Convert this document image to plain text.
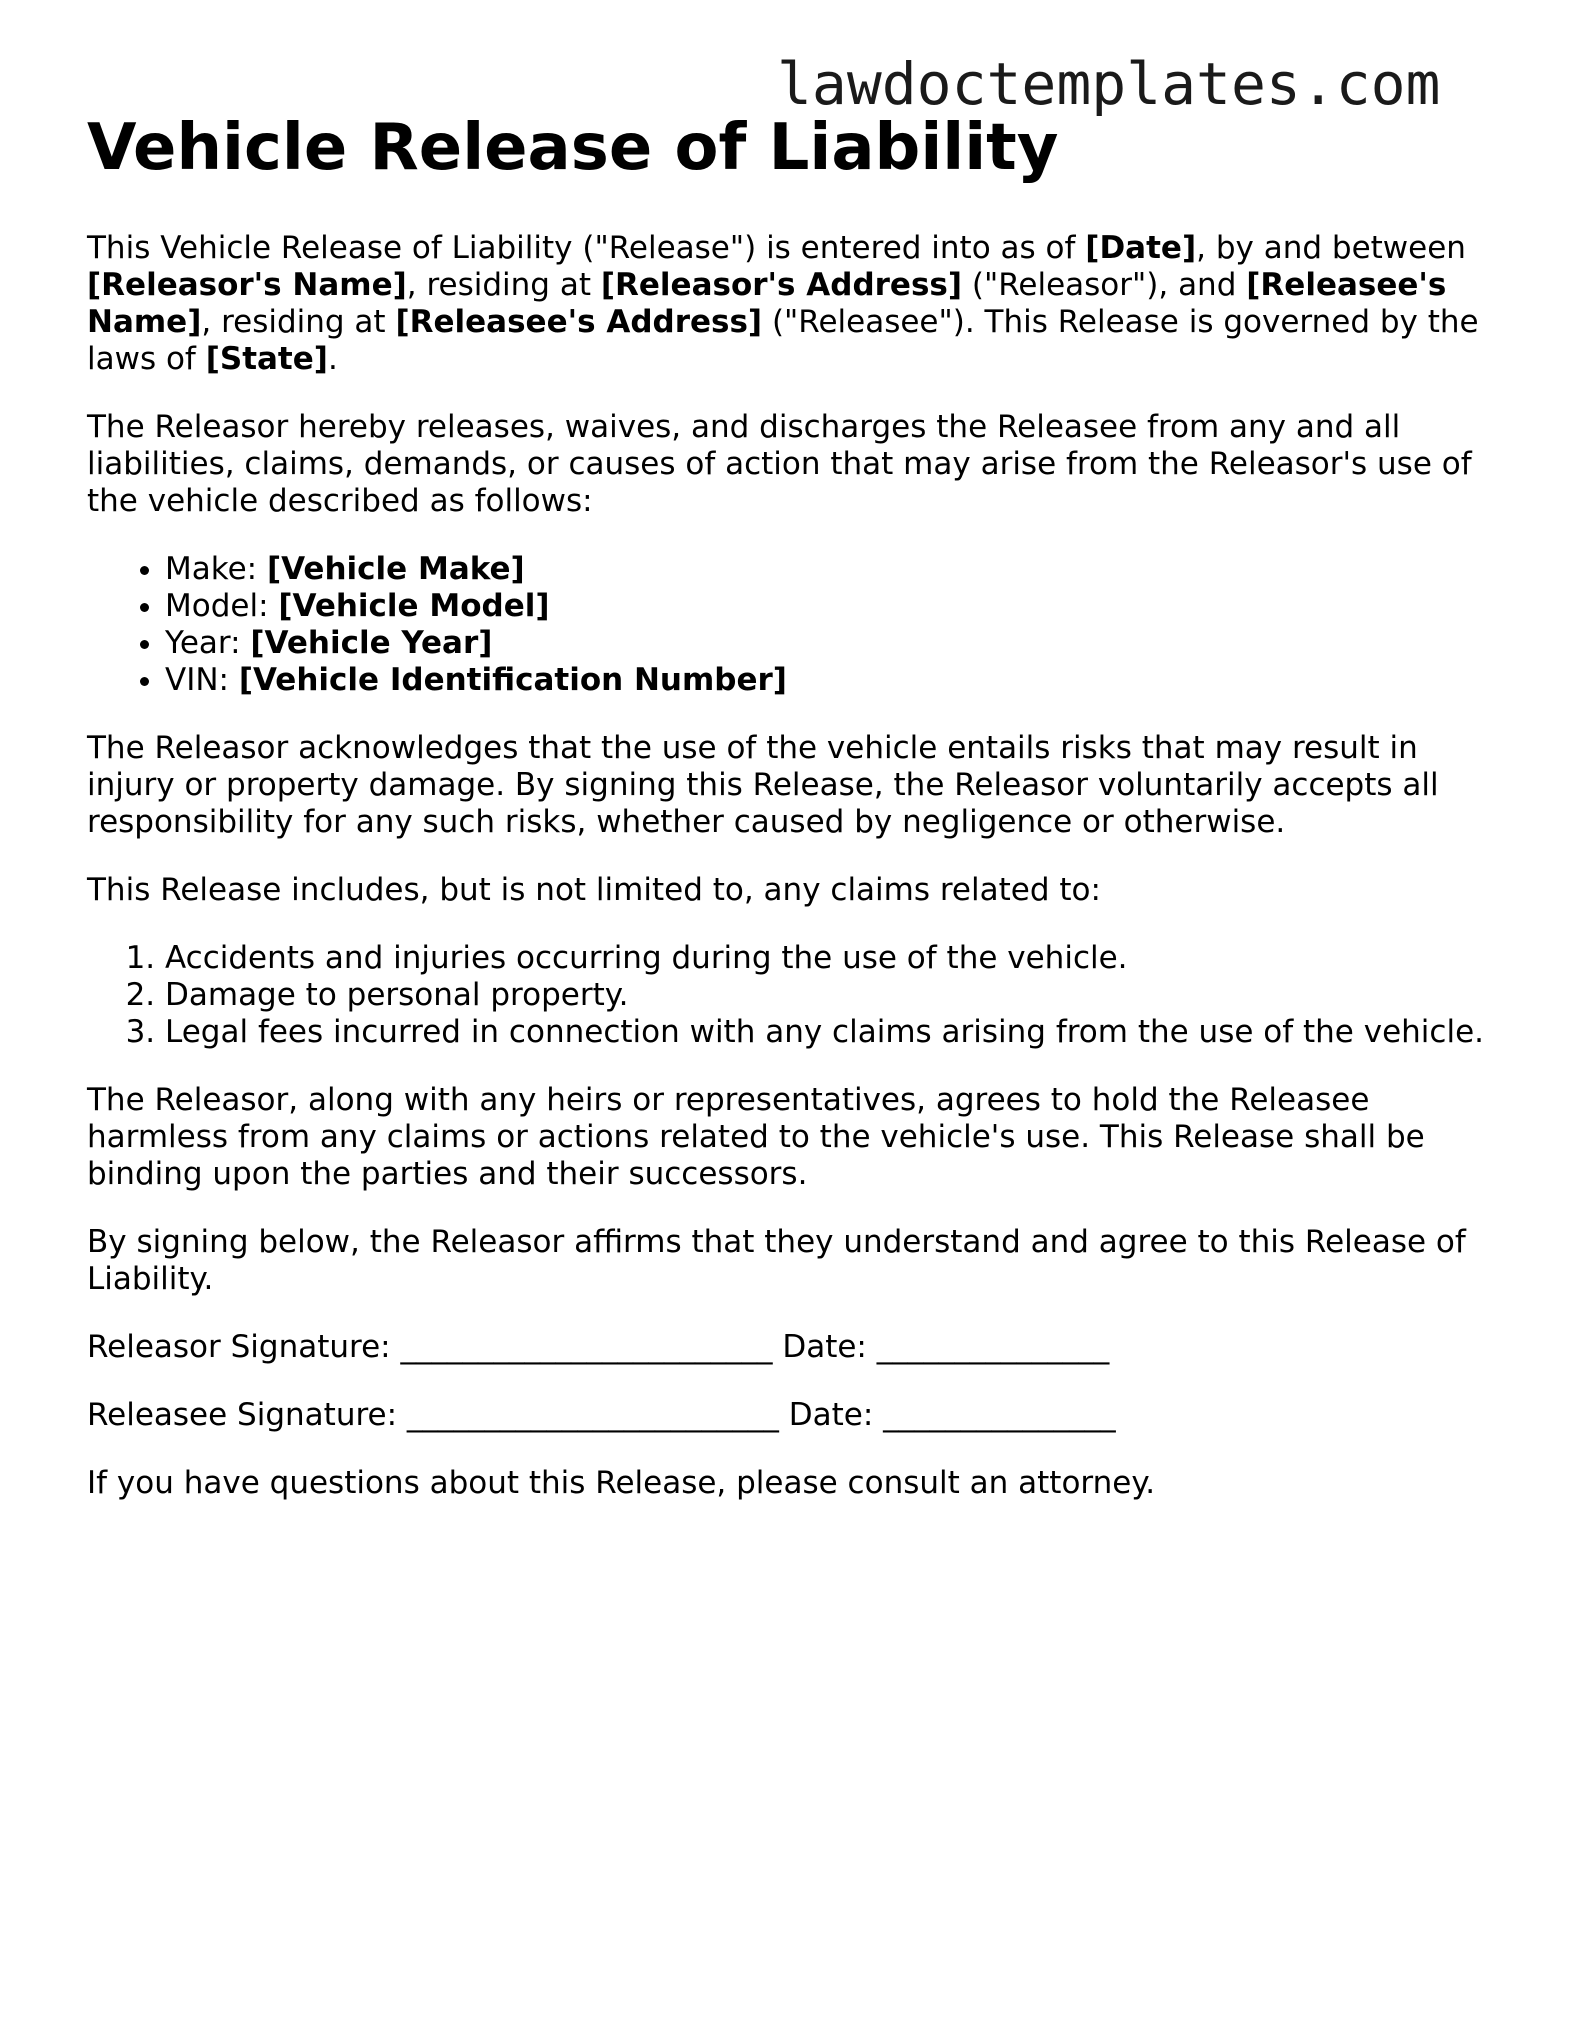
lawdoctemplates.com
Vehicle Release of Liability

This Vehicle Release of Liability ("Release") is entered into as of [Date], by and between [Releasor's Name], residing at [Releasor's Address] ("Releasor"), and [Releasee's Name], residing at [Releasee's Address] ("Releasee"). This Release is governed by the laws of [State].

The Releasor hereby releases, waives, and discharges the Releasee from any and all liabilities, claims, demands, or causes of action that may arise from the Releasor's use of the vehicle described as follows:

• Make: [Vehicle Make]
• Model: [Vehicle Model]
• Year: [Vehicle Year]
• VIN: [Vehicle Identification Number]

The Releasor acknowledges that the use of the vehicle entails risks that may result in injury or property damage. By signing this Release, the Releasor voluntarily accepts all responsibility for any such risks, whether caused by negligence or otherwise.

This Release includes, but is not limited to, any claims related to:

1. Accidents and injuries occurring during the use of the vehicle.
2. Damage to personal property.
3. Legal fees incurred in connection with any claims arising from the use of the vehicle.

The Releasor, along with any heirs or representatives, agrees to hold the Releasee harmless from any claims or actions related to the vehicle's use. This Release shall be binding upon the parties and their successors.

By signing below, the Releasor affirms that they understand and agree to this Release of Liability.

Releasor Signature: ________________________ Date: _______________

Releasee Signature: ________________________ Date: _______________

If you have questions about this Release, please consult an attorney.
